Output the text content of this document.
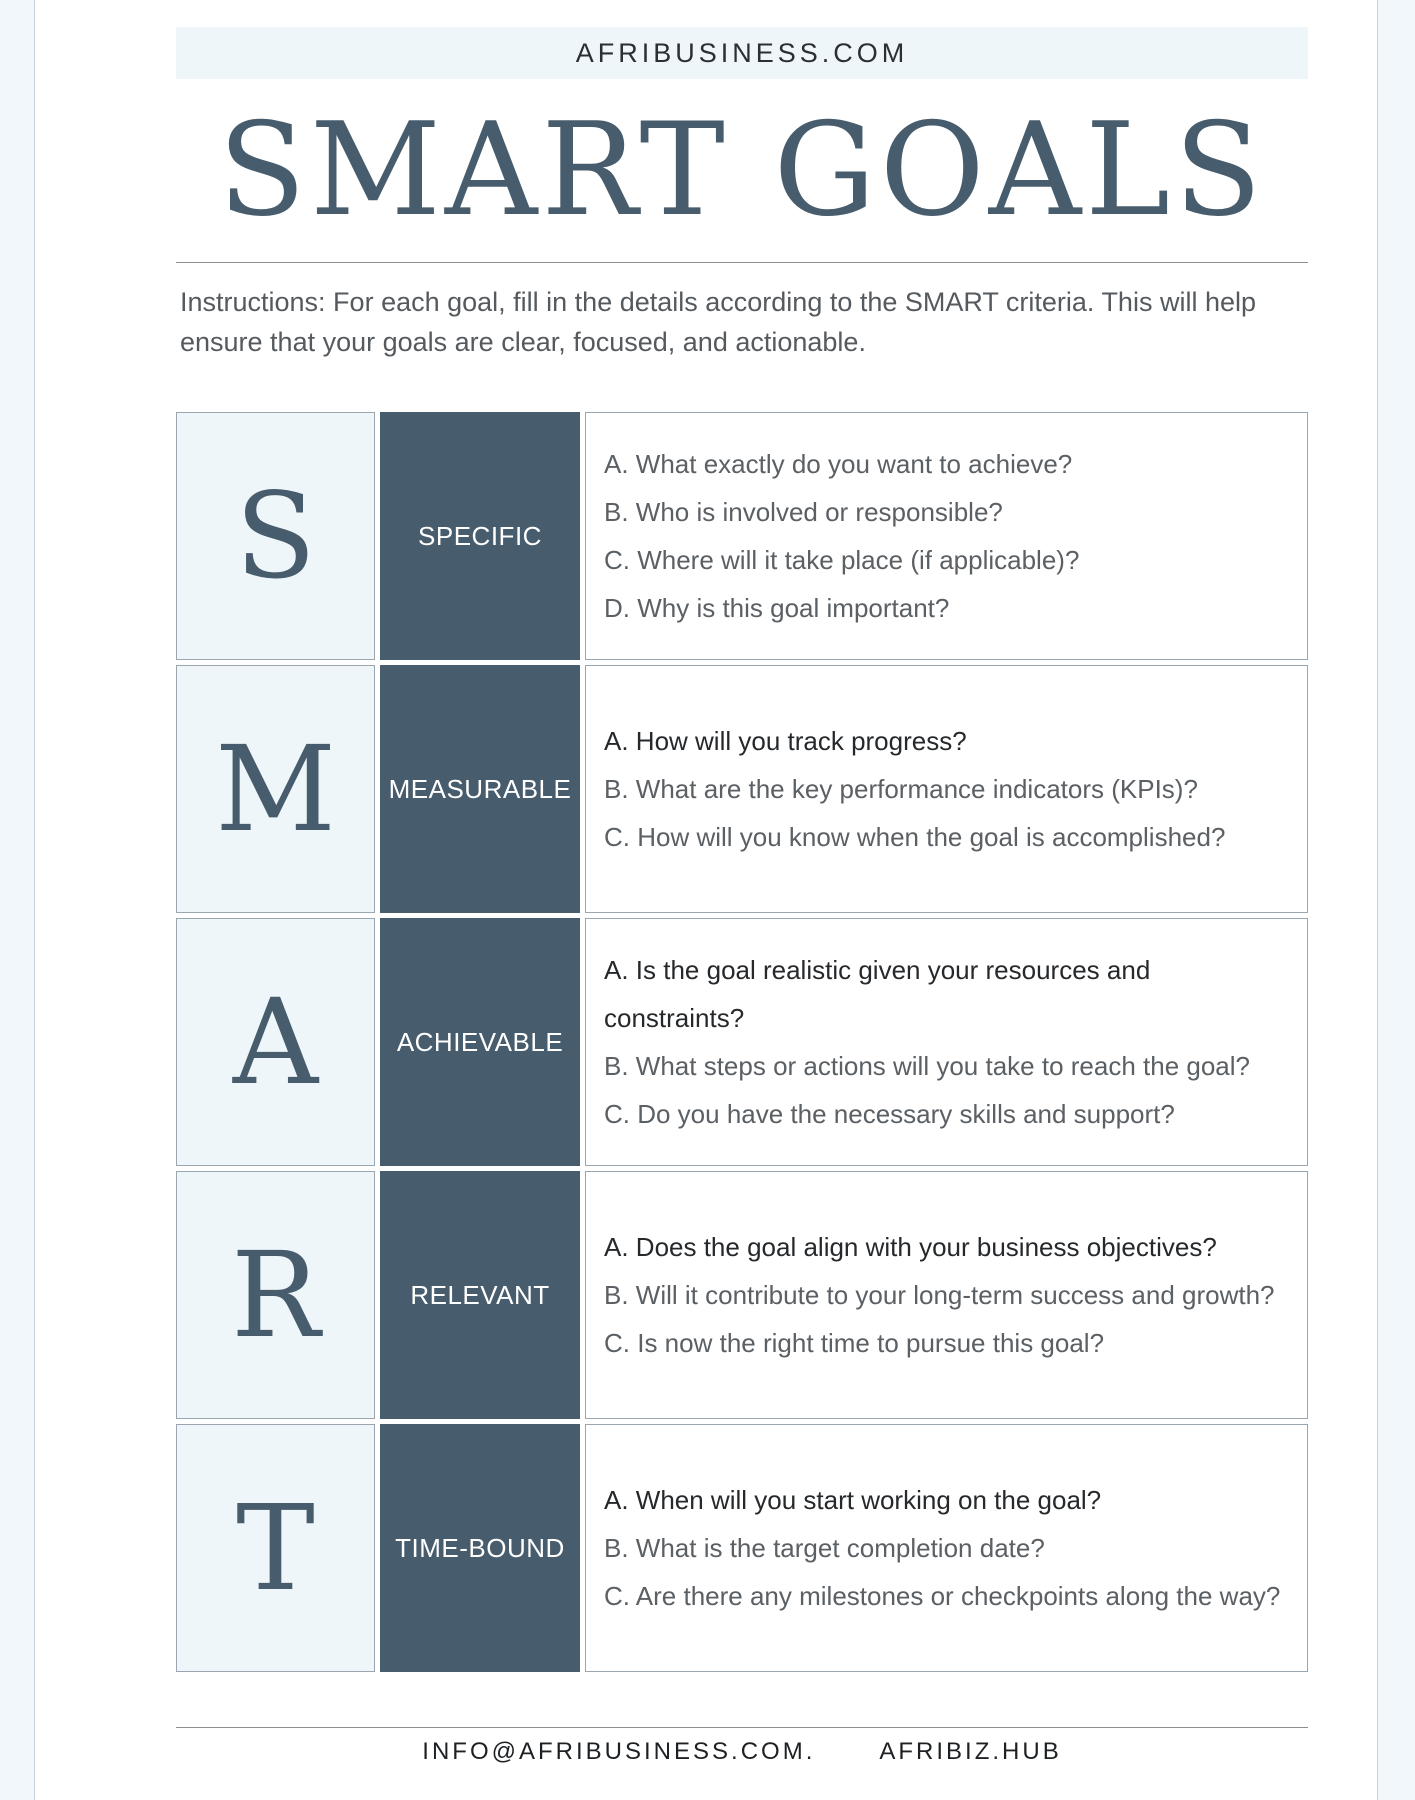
AFRIBUSINESS.COM
SMART GOALS

Instructions: For each goal, fill in the details according to the SMART criteria. This will help ensure that your goals are clear, focused, and actionable.

S	SPECIFIC
A. What exactly do you want to achieve?
B. Who is involved or responsible?
C. Where will it take place (if applicable)?
D. Why is this goal important?
M	MEASURABLE
A. How will you track progress?
B. What are the key performance indicators (KPIs)?
C. How will you know when the goal is accomplished?
A	ACHIEVABLE
A. Is the goal realistic given your resources and constraints?
B. What steps or actions will you take to reach the goal?
C. Do you have the necessary skills and support?
R	RELEVANT
A. Does the goal align with your business objectives?
B. Will it contribute to your long-term success and growth?
C. Is now the right time to pursue this goal?
T	TIME-BOUND
A. When will you start working on the goal?
B. What is the target completion date?
C. Are there any milestones or checkpoints along the way?
INFO@AFRIBUSINESS.COM.	AFRIBIZ.HUB
